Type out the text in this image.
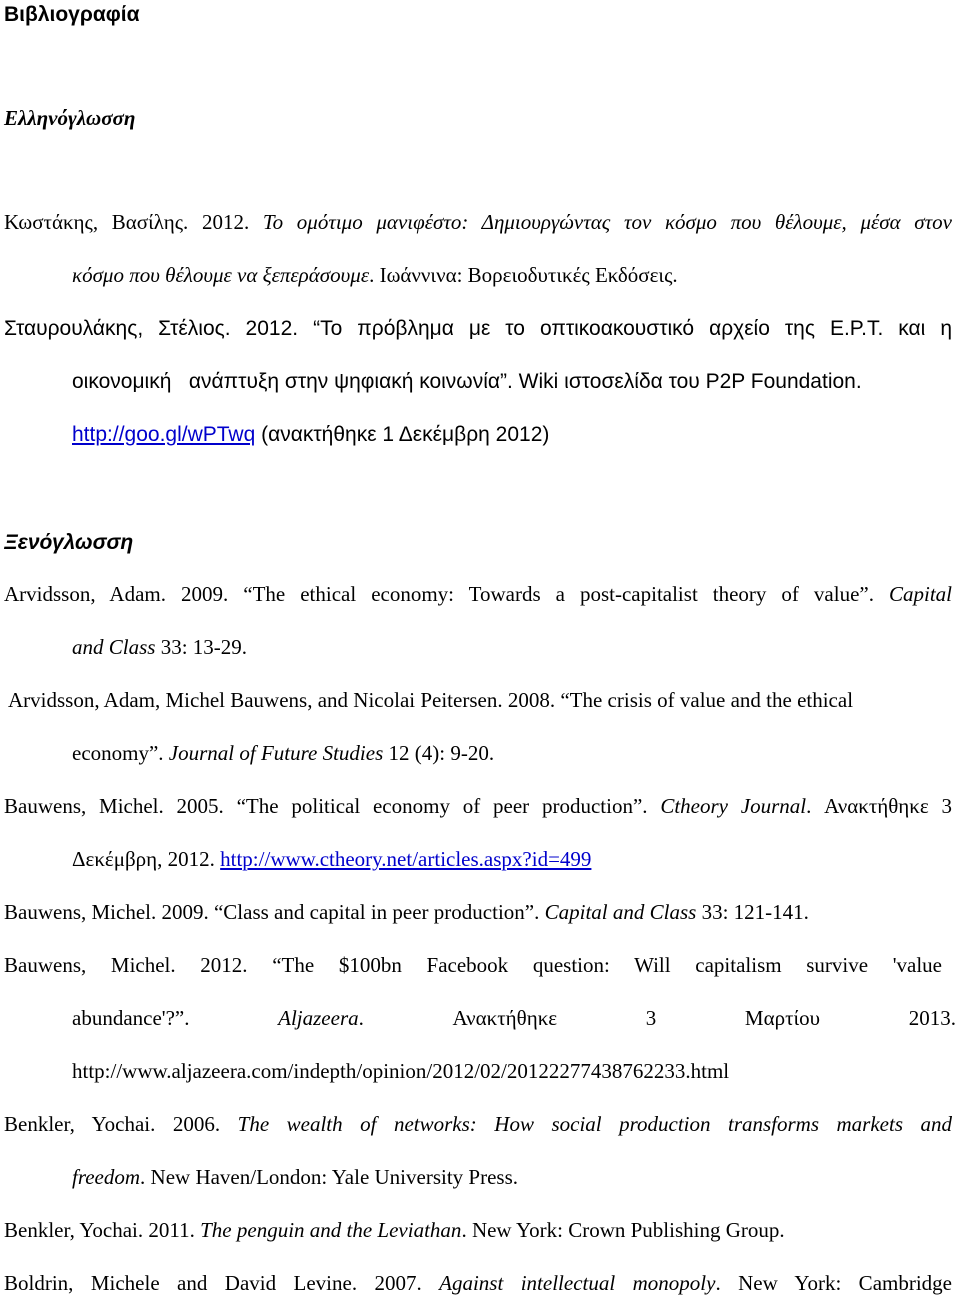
Βιβλιογραφία
Ελληνόγλωσση
Κωστάκης, Βασίλης. 2012. Το ομότιμο μανιφέστο: Δημιουργώντας τον κόσμο που θέλουμε, μέσα στον
κόσμο που θέλουμε να ξεπεράσουμε. Ιωάννινα: Βορειοδυτικές Εκδόσεις.
Σταυρουλάκης, Στέλιος. 2012. “Το πρόβλημα με το οπτικοακουστικό αρχείο της Ε.Ρ.Τ. και η
οικονομική   ανάπτυξη στην ψηφιακή κοινωνία”. Wiki ιστοσελίδα του P2P Foundation.
http://goo.gl/wPTwq (ανακτήθηκε 1 Δεκέμβρη 2012)
Ξενόγλωσση
Arvidsson, Adam. 2009. “The ethical economy: Towards a post-capitalist theory of value”. Capital
and Class 33: 13-29.
Arvidsson, Adam, Michel Bauwens, and Nicolai Peitersen. 2008. “The crisis of value and the ethical
economy”. Journal of Future Studies 12 (4): 9-20.
Bauwens, Michel. 2005. “The political economy of peer production”. Ctheory Journal. Ανακτήθηκε 3
Δεκέμβρη, 2012. http://www.ctheory.net/articles.aspx?id=499
Bauwens, Michel. 2009. “Class and capital in peer production”. Capital and Class 33: 121-141.
Bauwens, Michel. 2012. “The $100bn Facebook question: Will capitalism survive 'value
abundance'?”. Aljazeera. Ανακτήθηκε 3 Μαρτίου 2013.
http://www.aljazeera.com/indepth/opinion/2012/02/20122277438762233.html
Benkler, Yochai. 2006. The wealth of networks: How social production transforms markets and
freedom. New Haven/London: Yale University Press.
Benkler, Yochai. 2011. The penguin and the Leviathan. New York: Crown Publishing Group.
Boldrin, Michele and David Levine. 2007. Against intellectual monopoly. New York: Cambridge
